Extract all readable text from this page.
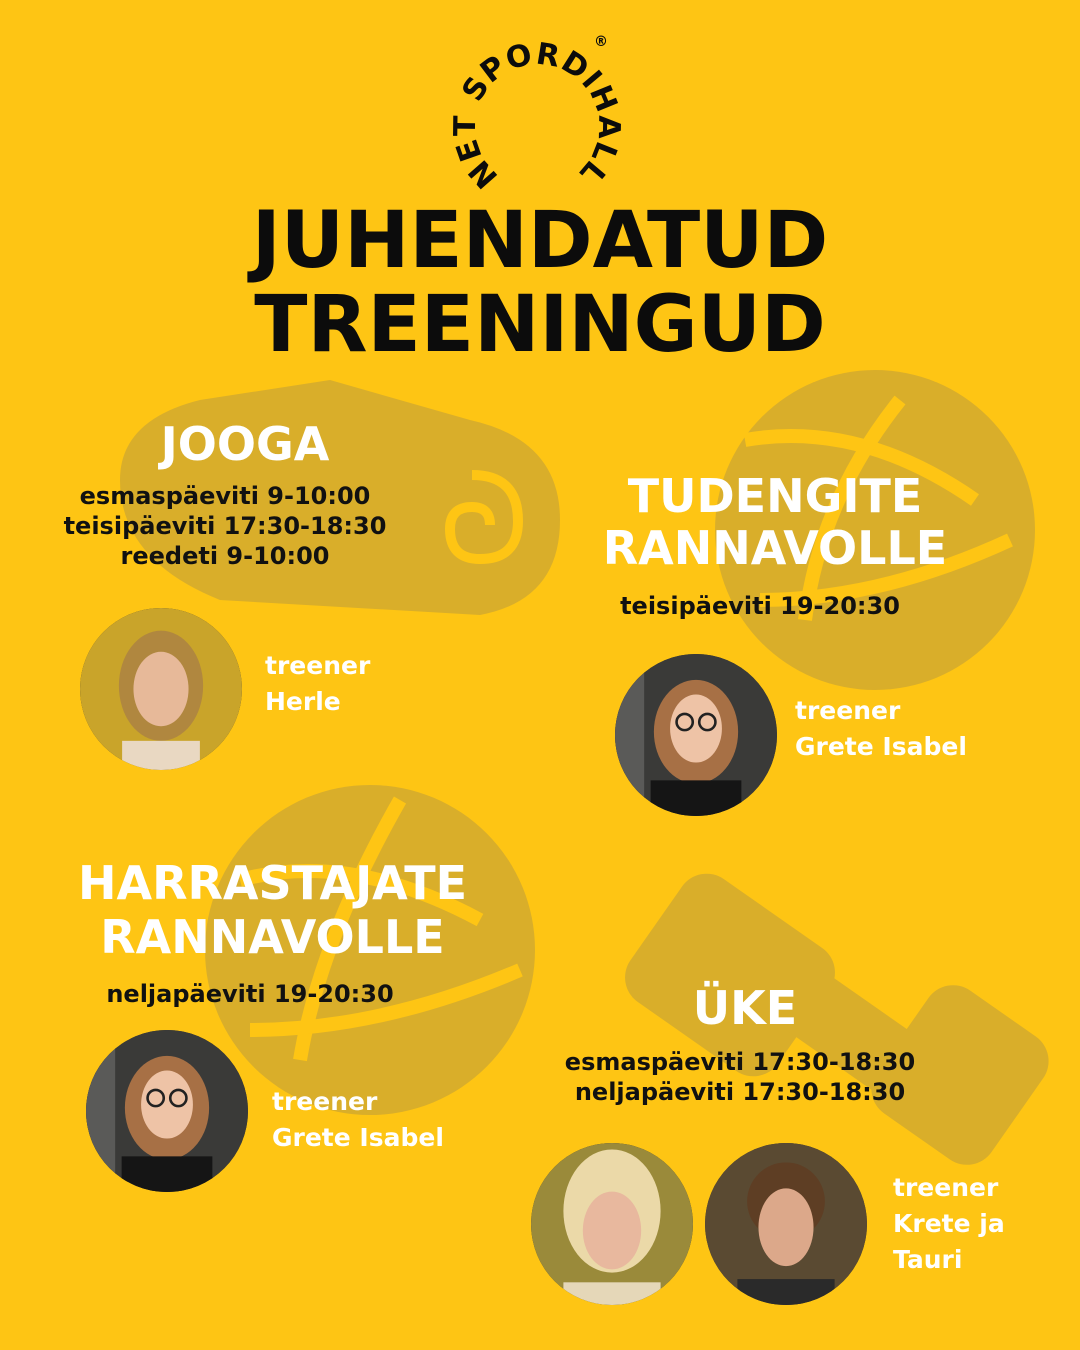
NET SPORDIHALL
®
JUHENDATUD
TREENINGUD
JOOGA
esmaspäeviti 9-10:00
teisipäeviti 17:30-18:30
reedeti 9-10:00
treener
Herle
TUDENGITE
RANNAVOLLE
teisipäeviti 19-20:30
treener
Grete Isabel
HARRASTAJATE
RANNAVOLLE
neljapäeviti 19-20:30
treener
Grete Isabel
ÜKE
esmaspäeviti 17:30-18:30
neljapäeviti 17:30-18:30
treener
Krete ja
Tauri
